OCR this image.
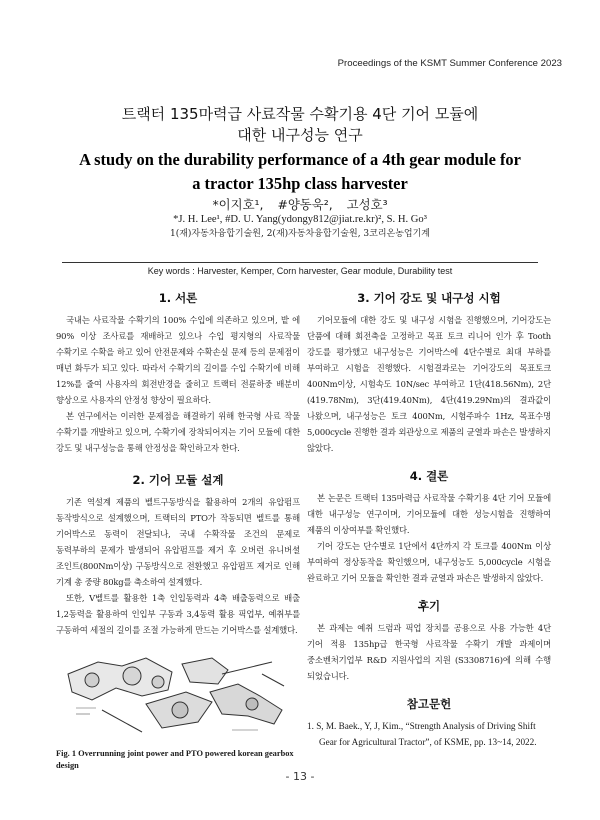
Proceedings of the KSMT Summer Conference 2023
트랙터 135마력급 사료작물 수확기용 4단 기어 모듈에
대한 내구성능 연구
A study on the durability performance of a 4th gear module for
a tractor 135hp class harvester
*이지호¹, #양동욱², 고성호³
*J. H. Lee¹, #D. U. Yang(ydongy812@jiat.re.kr)², S. H. Go³
1(재)자동차융합기술원, 2(재)자동차융합기술원, 3코리온농업기계
Key words : Harvester, Kemper, Corn harvester, Gear module, Durability test
1. 서론

국내는 사료작물 수확기의 100% 수입에 의존하고 있으며, 밭 에 90% 이상 조사료를 재배하고 있으나 수입 평지형의 사료작물 수확기로 수확을 하고 있어 안전문제와 수확손실 문제 등의 문제점이 매년 화두가 되고 있다. 따라서 수확기의 길이를 수입 수확기에 비해 12%를 줄여 사용자의 회전반경을 줄히고 트랙터 전륜하중 배분비 향상으로 사용자의 안정성 향상이 필요하다.

본 연구에서는 이러한 문제점을 해결하기 위해 한국형 사료 작물 수확기를 개발하고 있으며, 수확기에 장착되어지는 기어 모듈에 대한 강도 및 내구성능을 통해 안정성을 확인하고자 한다.

2. 기어 모듈 설계

기존 역설계 제품의 벨트구동방식을 활용하여 2개의 유압펌프 동작방식으로 설계했으며, 트랙터의 PTO가 작동되면 벨트를 통해 기어박스로 동력이 전달되나, 국내 수확작물 조건의 문제로 동력부하의 문제가 발생되어 유압펌프를 제거 후 오버런 유니버셜 조인트(800Nm이상) 구동방식으로 전환했고 유압펌프 제거로 인해 기계 총 중량 80kg를 축소하여 설계했다.

또한, V벨트를 활용한 1축 인입동력과 4축 배출동력으로 배출 1,2동력을 활용하여 인입부 구동과 3,4동력 활용 픽업부, 예취부를 구동하여 세절의 길이를 조절 가능하게 만드는 기어박스를 설계했다.

Fig. 1 Overrunning joint power and PTO powered korean gearbox design

3. 기어 강도 및 내구성 시험

기어모듈에 대한 강도 및 내구성 시험을 진행했으며, 기어강도는 단품에 대해 회전축을 고정하고 목표 토크 리니어 인가 후 Tooth 강도를 평가했고 내구성능은 기어박스에 4단수별로 최대 부하를 부여하고 시험을 진행했다. 시험결과로는 기어강도의 목표토크 400Nm이상, 시험속도 10N/sec 부여하고 1단(418.56Nm), 2단(419.78Nm), 3단(419.40Nm), 4단(419.29Nm)의 결과값이 나왔으며, 내구성능은 토크 400Nm, 시험주파수 1Hz, 목표수명 5,000cycle 진행한 결과 외관상으로 제품의 균열과 파손은 발생하지 않았다.

4. 결론

본 논문은 트랙터 135마력급 사료작물 수확기용 4단 기어 모듈에 대한 내구성능 연구이며, 기어모듈에 대한 성능시험을 진행하여 제품의 이상여부를 확인했다.

기어 강도는 단수별로 1단에서 4단까지 각 토크를 400Nm 이상 부여하여 정상동작을 확인했으며, 내구성능도 5,000cycle 시험을 완료하고 기어 모듈을 확인한 결과 균열과 파손은 발생하지 않았다.

후기

본 과제는 예취 드럼과 픽업 장치를 공용으로 사용 가능한 4단 기어 적용 135hp급 한국형 사료작물 수확기 개발 과제이며 중소벤처기업부 R&D 지원사업의 지원 (S3308716)에 의해 수행 되었습니다.

참고문헌

1. S, M. Baek., Y, J, Kim., “Strength Analysis of Driving Shift Gear for Agricultural Tractor”, of KSME, pp. 13~14, 2022.

- 13 -
